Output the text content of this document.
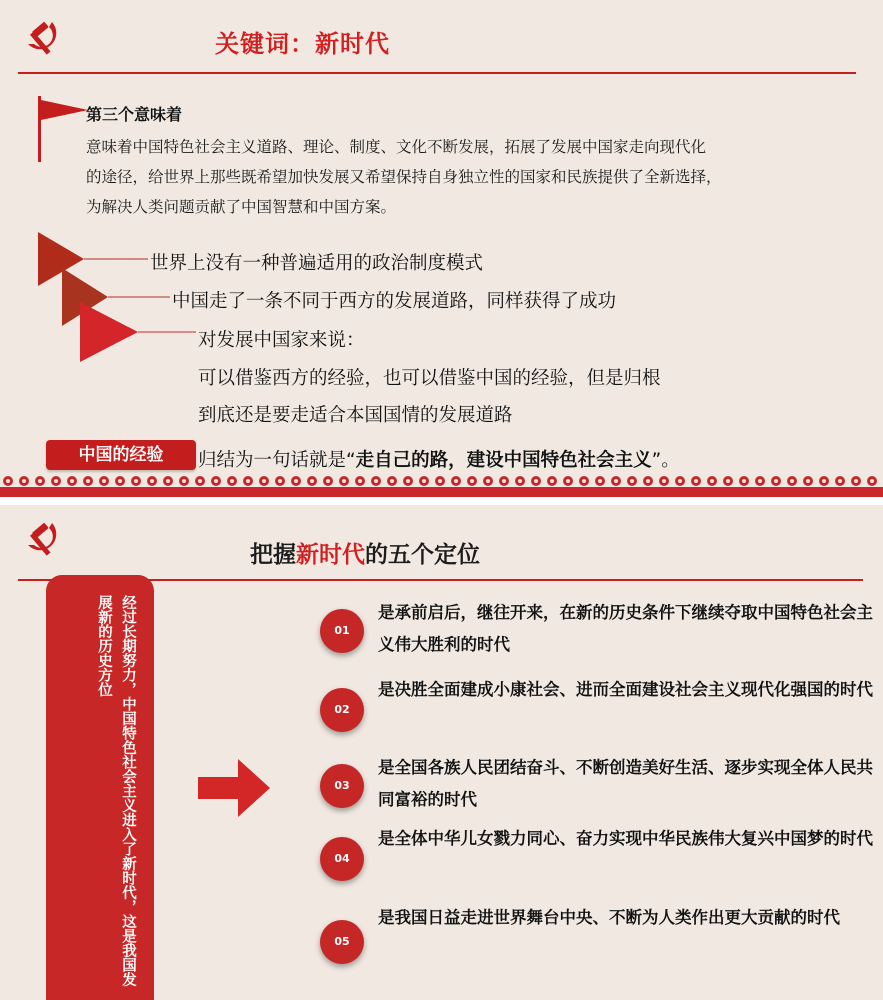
关键词：新时代
第三个意味着
意味着中国特色社会主义道路、理论、制度、文化不断发展，拓展了发展中国家走向现代化
的途径，给世界上那些既希望加快发展又希望保持自身独立性的国家和民族提供了全新选择，
为解决人类问题贡献了中国智慧和中国方案。
世界上没有一种普遍适用的政治制度模式
中国走了一条不同于西方的发展道路，同样获得了成功
对发展中国家来说：
可以借鉴西方的经验，也可以借鉴中国的经验，但是归根
到底还是要走适合本国国情的发展道路
中国的经验	归结为一句话就是“走自己的路，建设中国特色社会主义”。
把握新时代的五个定位
经过长期努力，中国特色社会主义进入了新时代，这是我国发展新的历史方位	01
是承前启后，继往开来，在新的历史条件下继续夺取中国特色社会主义伟大胜利的时代
02
是决胜全面建成小康社会、进而全面建设社会主义现代化强国的时代
03
是全国各族人民团结奋斗、不断创造美好生活、逐步实现全体人民共同富裕的时代
04
是全体中华儿女戮力同心、奋力实现中华民族伟大复兴中国梦的时代
05
是我国日益走进世界舞台中央、不断为人类作出更大贡献的时代
